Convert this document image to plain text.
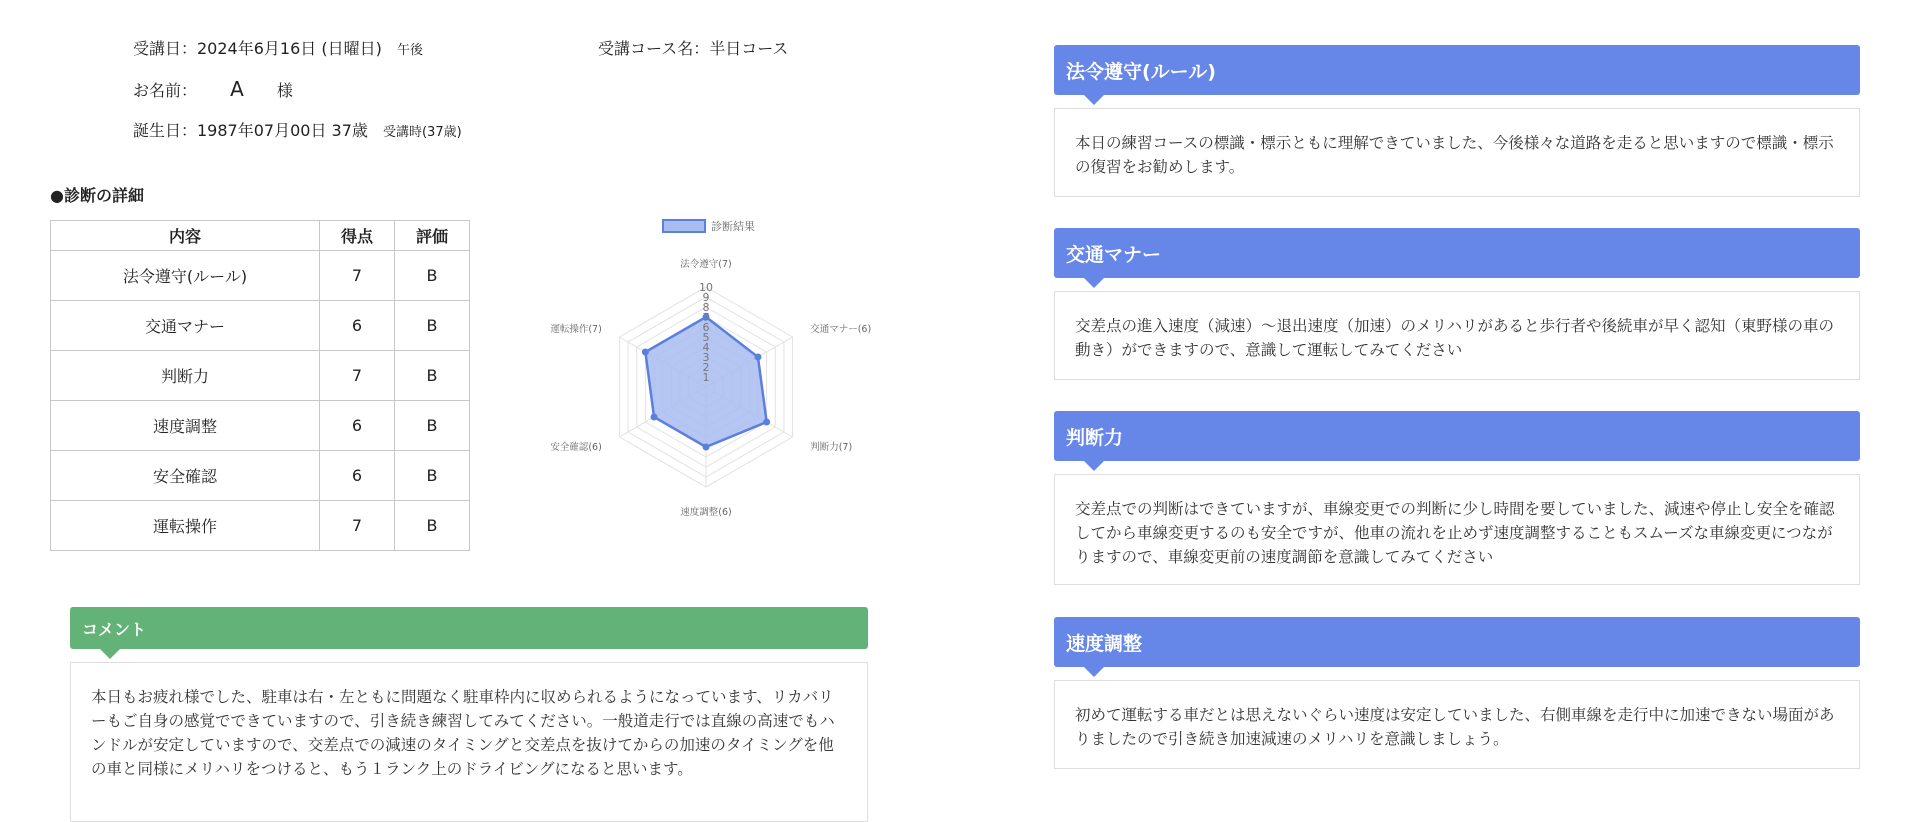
受講日：2024年6月16日 (日曜日) 午後	受講コース名：半日コース
お名前： A 様
誕生日：1987年07月00日 37歳 受講時(37歳)
●診断の詳細
内容	得点	評価
法令遵守(ルール)	7	B
交通マナー	6	B
判断力	7	B
速度調整	6	B
安全確認	6	B
運転操作	7	B
1
2
3
4
5
6
7
8
9
10
法令遵守(7)
交通マナー(6)
判断力(7)
速度調整(6)
安全確認(6)
運転操作(7)
診断結果
コメント
本日もお疲れ様でした、駐車は右・左ともに問題なく駐車枠内に収められるようになっています、リカバリーもご自身の感覚でできていますので、引き続き練習してみてください。一般道走行では直線の高速でもハンドルが安定していますので、交差点での減速のタイミングと交差点を抜けてからの加速のタイミングを他の車と同様にメリハリをつけると、もう１ランク上のドライビングになると思います。
法令遵守(ルール)
本日の練習コースの標識・標示ともに理解できていました、今後様々な道路を走ると思いますので標識・標示の復習をお勧めします。
交通マナー
交差点の進入速度（減速）〜退出速度（加速）のメリハリがあると歩行者や後続車が早く認知（東野様の車の動き）ができますので、意識して運転してみてください
判断力
交差点での判断はできていますが、車線変更での判断に少し時間を要していました、減速や停止し安全を確認してから車線変更するのも安全ですが、他車の流れを止めず速度調整することもスムーズな車線変更につながりますので、車線変更前の速度調節を意識してみてください
速度調整
初めて運転する車だとは思えないぐらい速度は安定していました、右側車線を走行中に加速できない場面がありましたので引き続き加速減速のメリハリを意識しましょう。
